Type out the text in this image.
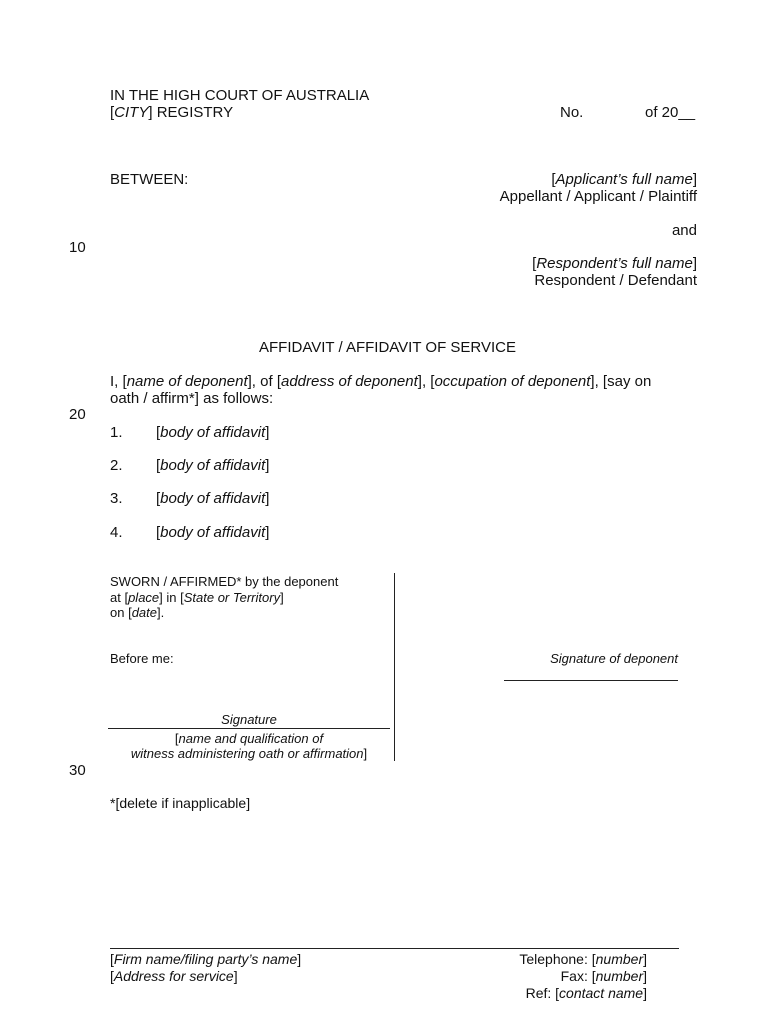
IN THE HIGH COURT OF AUSTRALIA
[CITY] REGISTRY	No.	of 20__
BETWEEN:	[Applicant’s full name]
Appellant / Applicant / Plaintiff
and
[Respondent’s full name]
Respondent / Defendant
10
20
30
AFFIDAVIT / AFFIDAVIT OF SERVICE
I, [name of deponent], of [address of deponent], [occupation of deponent], [say on
oath / affirm*] as follows:
1. [body of affidavit]
2. [body of affidavit]
3. [body of affidavit]
4. [body of affidavit]
SWORN / AFFIRMED* by the deponent
at [place] in [State or Territory]
on [date].
Before me:	Signature of deponent
Signature
[name and qualification of
witness administering oath or affirmation]
*[delete if inapplicable]
[Firm name/filing party’s name]
[Address for service]
Telephone: [number]
Fax: [number]
Ref: [contact name]
